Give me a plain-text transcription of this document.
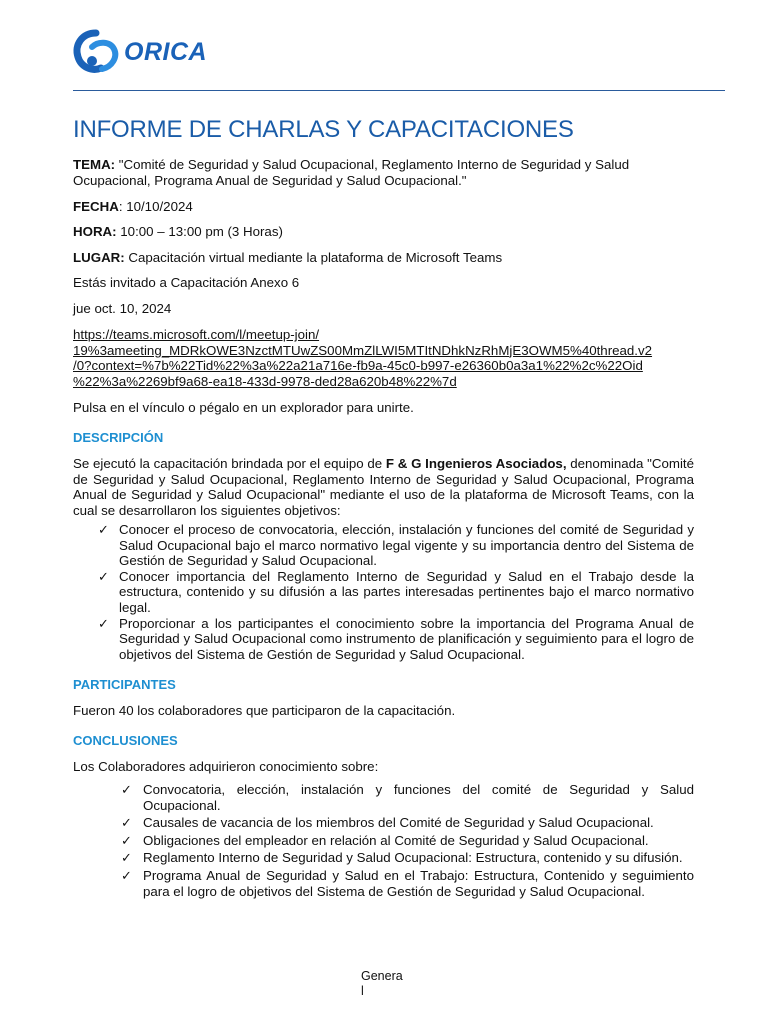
ORICA
INFORME DE CHARLAS Y CAPACITACIONES

TEMA: "Comité de Seguridad y Salud Ocupacional, Reglamento Interno de Seguridad y Salud Ocupacional, Programa Anual de Seguridad y Salud Ocupacional."

FECHA: 10/10/2024

HORA: 10:00 – 13:00 pm (3 Horas)

LUGAR: Capacitación virtual mediante la plataforma de Microsoft Teams

Estás invitado a Capacitación Anexo 6

jue oct. 10, 2024

https://teams.microsoft.com/l/meetup-join/
19%3ameeting_MDRkOWE3NzctMTUwZS00MmZlLWI5MTItNDhkNzRhMjE3OWM5%40thread.v2
/0?context=%7b%22Tid%22%3a%22a21a716e-fb9a-45c0-b997-e26360b0a3a1%22%2c%22Oid
%22%3a%2269bf9a68-ea18-433d-9978-ded28a620b48%22%7d

Pulsa en el vínculo o pégalo en un explorador para unirte.

DESCRIPCIÓN

Se ejecutó la capacitación brindada por el equipo de F & G Ingenieros Asociados, denominada "Comité de Seguridad y Salud Ocupacional, Reglamento Interno de Seguridad y Salud Ocupacional, Programa Anual de Seguridad y Salud Ocupacional" mediante el uso de la plataforma de Microsoft Teams, con la cual se desarrollaron los siguientes objetivos:

✓ Conocer el proceso de convocatoria, elección, instalación y funciones del comité de Seguridad y Salud Ocupacional bajo el marco normativo legal vigente y su importancia dentro del Sistema de Gestión de Seguridad y Salud Ocupacional.
✓ Conocer importancia del Reglamento Interno de Seguridad y Salud en el Trabajo desde la estructura, contenido y su difusión a las partes interesadas pertinentes bajo el marco normativo legal.
✓ Proporcionar a los participantes el conocimiento sobre la importancia del Programa Anual de Seguridad y Salud Ocupacional como instrumento de planificación y seguimiento para el logro de objetivos del Sistema de Gestión de Seguridad y Salud Ocupacional.
PARTICIPANTES

Fueron 40 los colaboradores que participaron de la capacitación.

CONCLUSIONES

Los Colaboradores adquirieron conocimiento sobre:

✓ Convocatoria, elección, instalación y funciones del comité de Seguridad y Salud Ocupacional.
✓ Causales de vacancia de los miembros del Comité de Seguridad y Salud Ocupacional.
✓ Obligaciones del empleador en relación al Comité de Seguridad y Salud Ocupacional.
✓ Reglamento Interno de Seguridad y Salud Ocupacional: Estructura, contenido y su difusión.
✓ Programa Anual de Seguridad y Salud en el Trabajo: Estructura, Contenido y seguimiento para el logro de objetivos del Sistema de Gestión de Seguridad y Salud Ocupacional.
Genera
l
